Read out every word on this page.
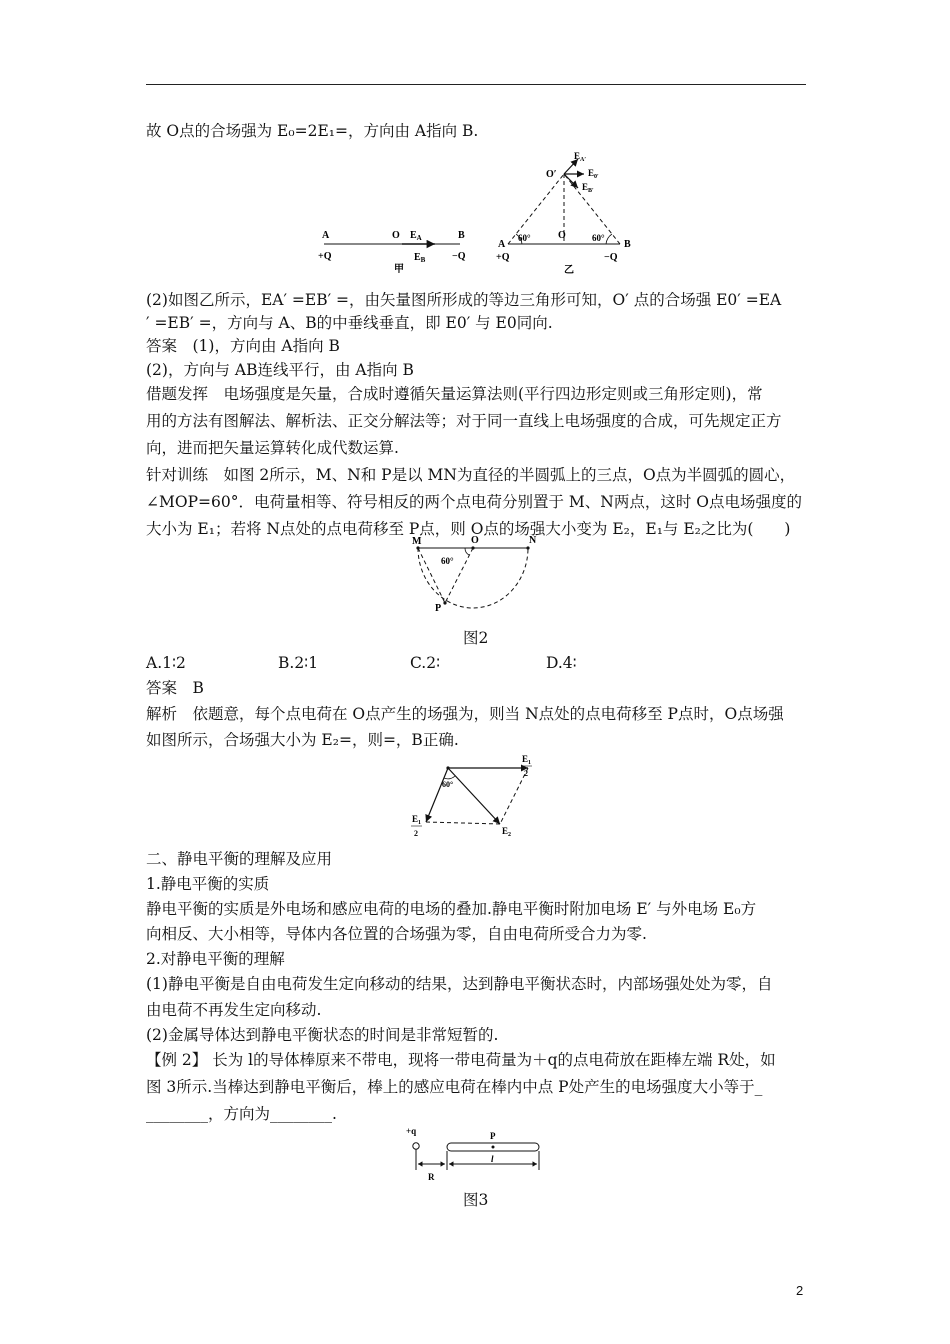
故 O点的合场强为 E₀=2E₁=，方向由 A指向 B.
(2)如图乙所示，EA′ =EB′ =，由矢量图所形成的等边三角形可知，O′ 点的合场强 E0′ =EA
′ =EB′ =，方向与 A、B的中垂线垂直，即 E0′ 与 E0同向.
答案　(1)，方向由 A指向 B
(2)，方向与 AB连线平行，由 A指向 B
借题发挥　电场强度是矢量，合成时遵循矢量运算法则(平行四边形定则或三角形定则)，常
用的方法有图解法、解析法、正交分解法等；对于同一直线上电场强度的合成，可先规定正方
向，进而把矢量运算转化成代数运算.
针对训练　如图 2所示，M、N和 P是以 MN为直径的半圆弧上的三点，O点为半圆弧的圆心，
∠MOP=60°．电荷量相等、符号相反的两个点电荷分别置于 M、N两点，这时 O点电场强度的
大小为 E₁；若将 N点处的点电荷移至 P点，则 O点的场强大小变为 E₂，E₁与 E₂之比为(　　)
A
+Q
O $E_A$
$E_B$
B
−Q
甲
O′
$E_{A'}$
$E_{0'}$
$E_{B'}$
A
60°	O	60°
B
+Q	−Q
乙
M	O	N
60°
P
图2
A.1∶2	B.2∶1	C.2∶	D.4∶
答案　B
解析　依题意，每个点电荷在 O点产生的场强为，则当 N点处的点电荷移至 P点时，O点场强
如图所示，合场强大小为 E₂=，则=，B正确.
60°
$E_1$
2
$E_1$
2	$E_2$
二、静电平衡的理解及应用
1.静电平衡的实质
静电平衡的实质是外电场和感应电荷的电场的叠加.静电平衡时附加电场 E′ 与外电场 E₀方
向相反、大小相等，导体内各位置的合场强为零，自由电荷所受合力为零.
2.对静电平衡的理解
(1)静电平衡是自由电荷发生定向移动的结果，达到静电平衡状态时，内部场强处处为零，自
由电荷不再发生定向移动.
(2)金属导体达到静电平衡状态的时间是非常短暂的.
【例 2】 长为 l的导体棒原来不带电，现将一带电荷量为＋q的点电荷放在距棒左端 R处，如
图 3所示.当棒达到静电平衡后，棒上的感应电荷在棒内中点 P处产生的电场强度大小等于_
________，方向为________.
+q	P
R
l
图3
2
